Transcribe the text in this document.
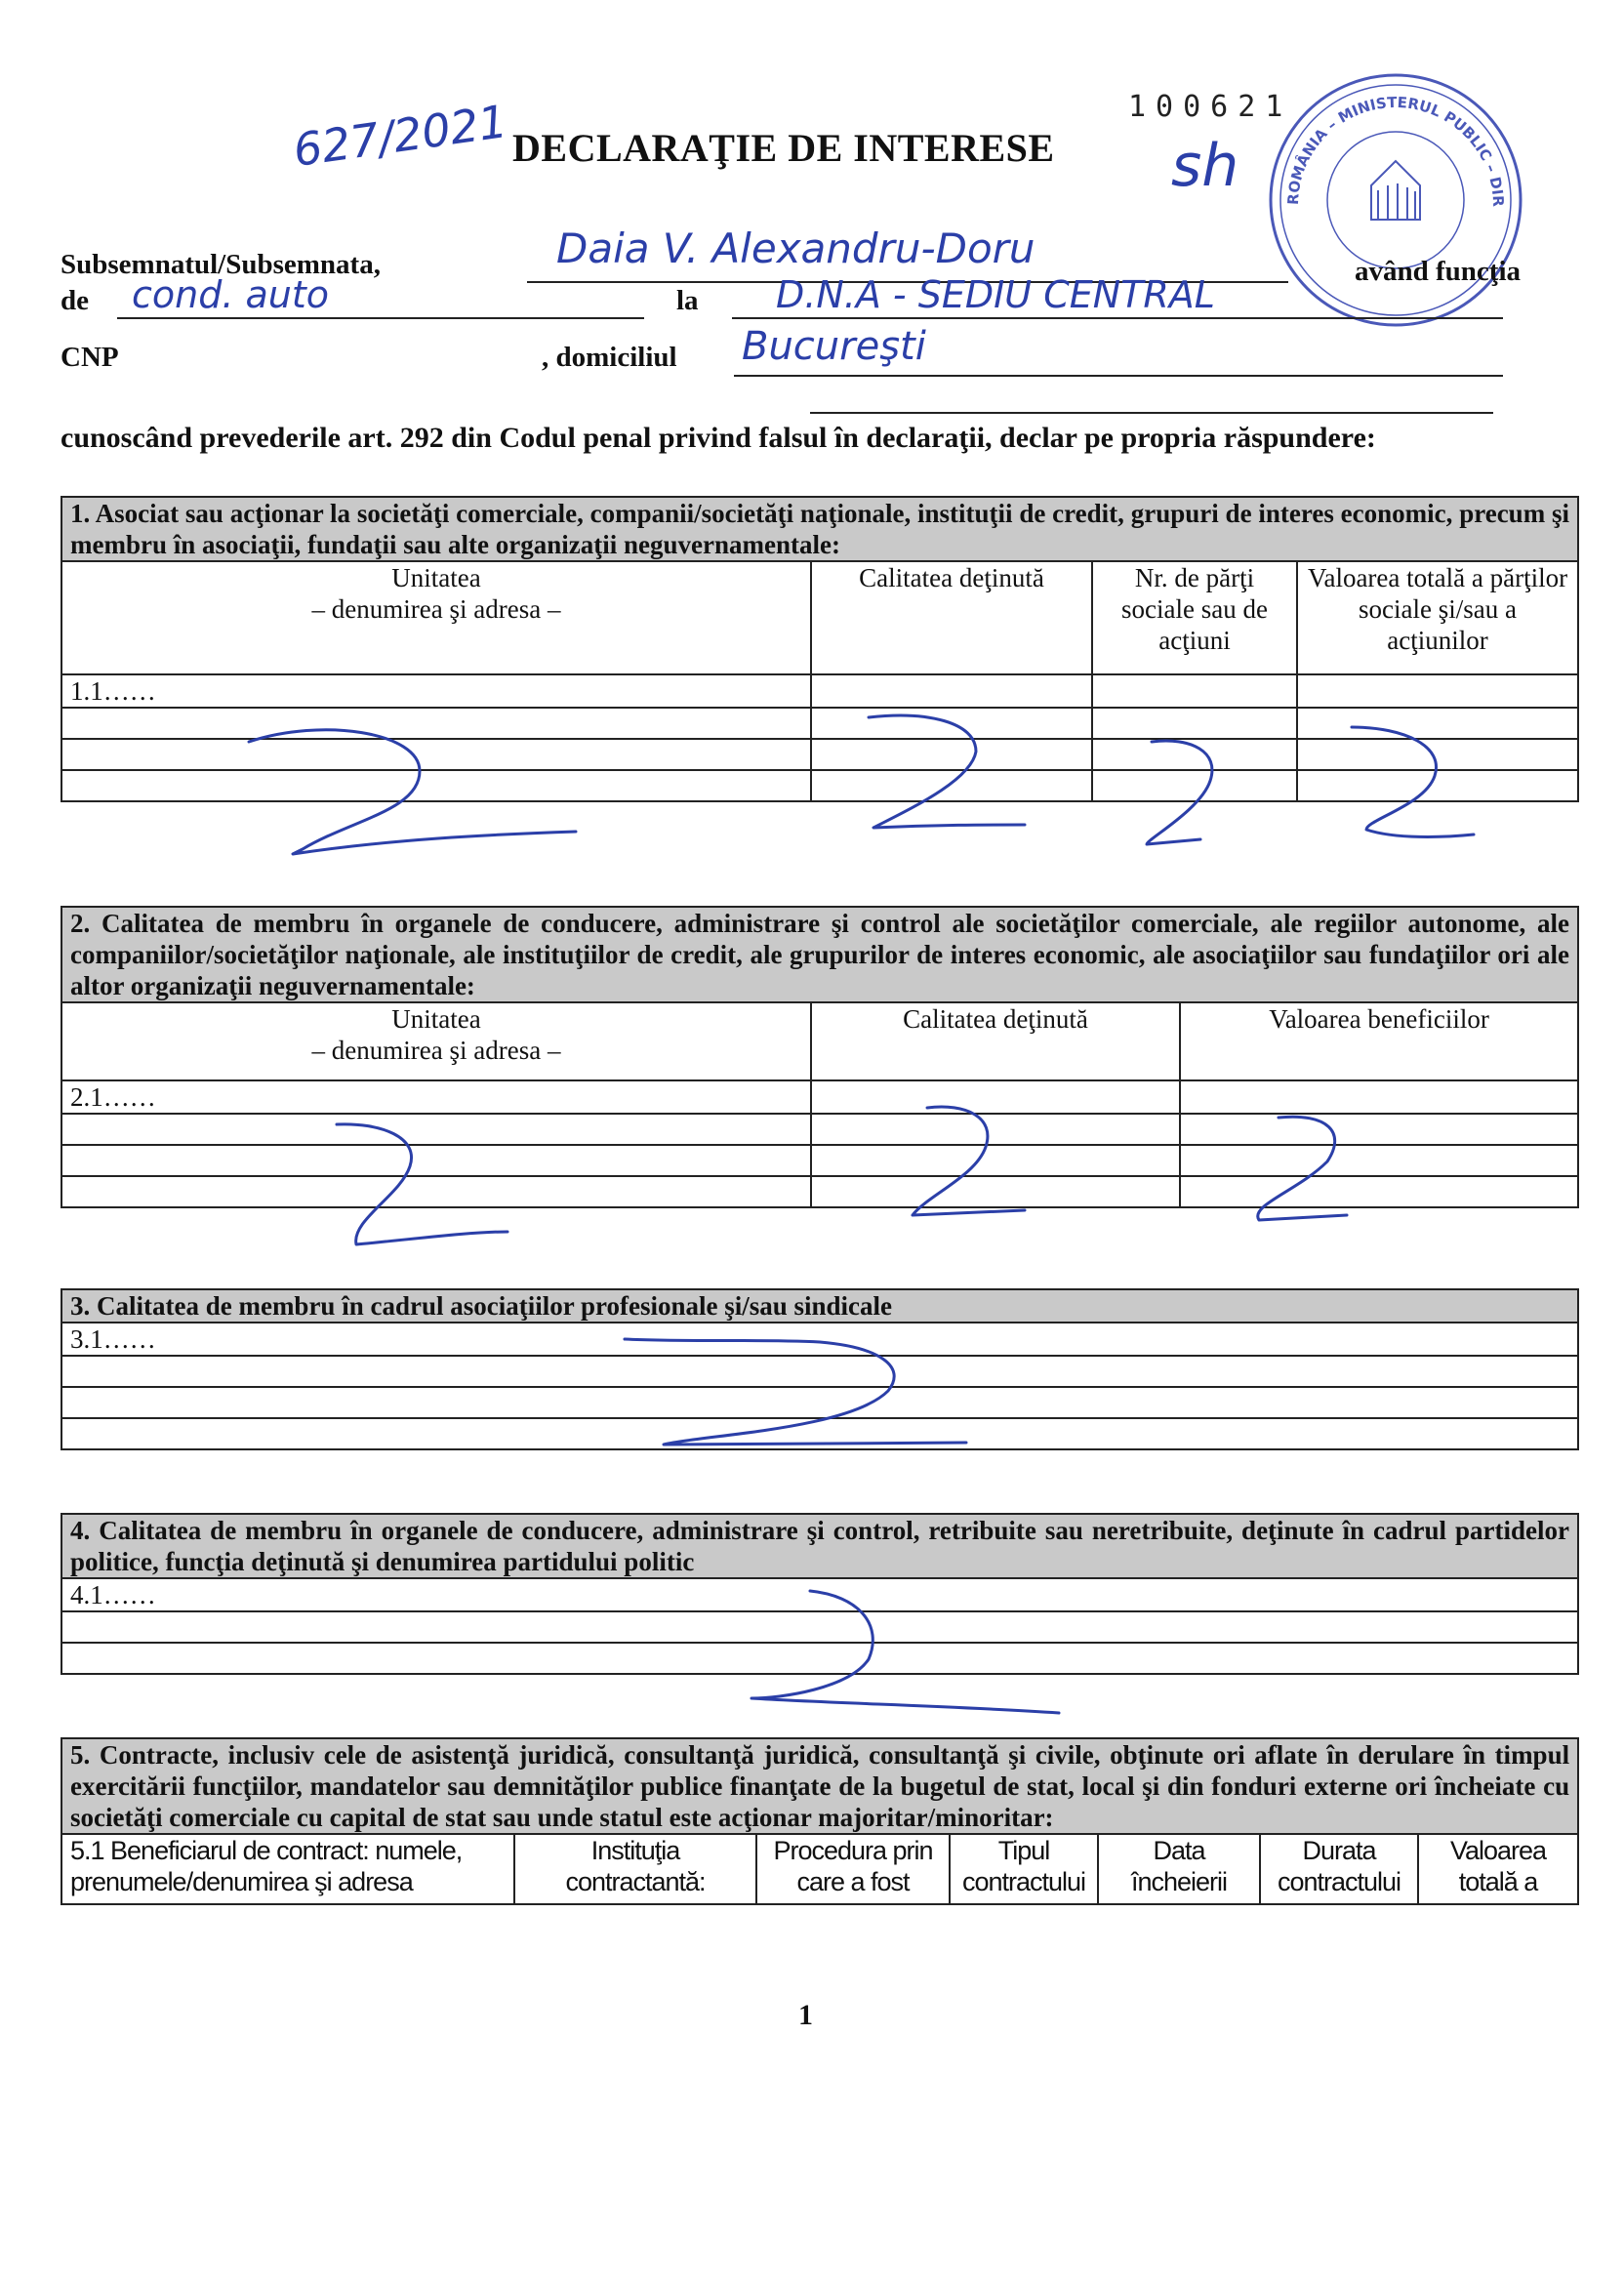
627/2021 DECLARAŢIE DE INTERESE
100621
sh	ROMÂNIA – MINISTERUL PUBLIC – DIR
Subsemnatul/Subsemnata,	Daia V. Alexandru-Doru	având funcţia
de cond. auto	la D.N.A - SEDIU CENTRAL
CNP	, domiciliul Bucureşti
cunoscând prevederile art. 292 din Codul penal privind falsul în declaraţii, declar pe propria răspundere:
1. Asociat sau acţionar la societăţi comerciale, companii/societăţi naţionale, instituţii de credit, grupuri de interes economic, precum şi membru în asociaţii, fundaţii sau alte organizaţii neguvernamentale:			
Unitatea
– denumirea şi adresa –	Calitatea deţinută	Nr. de părţi sociale sau de acţiuni	Valoarea totală a părţilor sociale şi/sau a acţiunilor
1.1……			

2. Calitatea de membru în organele de conducere, administrare şi control ale societăţilor comerciale, ale regiilor autonome, ale companiilor/societăţilor naţionale, ale instituţiilor de credit, ale grupurilor de interes economic, ale asociaţiilor sau fundaţiilor ori ale altor organizaţii neguvernamentale:		
Unitatea
– denumirea şi adresa –	Calitatea deţinută	Valoarea beneficiilor
2.1……		

3. Calitatea de membru în cadrul asociaţiilor profesionale şi/sau sindicale
3.1……

4. Calitatea de membru în organele de conducere, administrare şi control, retribuite sau neretribuite, deţinute în cadrul partidelor politice, funcţia deţinută şi denumirea partidului politic
4.1……

5. Contracte, inclusiv cele de asistenţă juridică, consultanţă juridică, consultanţă şi civile, obţinute ori aflate în derulare în timpul exercitării funcţiilor, mandatelor sau demnităţilor publice finanţate de la bugetul de stat, local şi din fonduri externe ori încheiate cu societăţi comerciale cu capital de stat sau unde statul este acţionar majoritar/minoritar:
5.1 Beneficiarul de contract: numele, prenumele/denumirea şi adresa	Instituţia contractantă:	Procedura prin care a fost	Tipul contractului	Data încheierii	Durata contractului	Valoarea totală a
1
